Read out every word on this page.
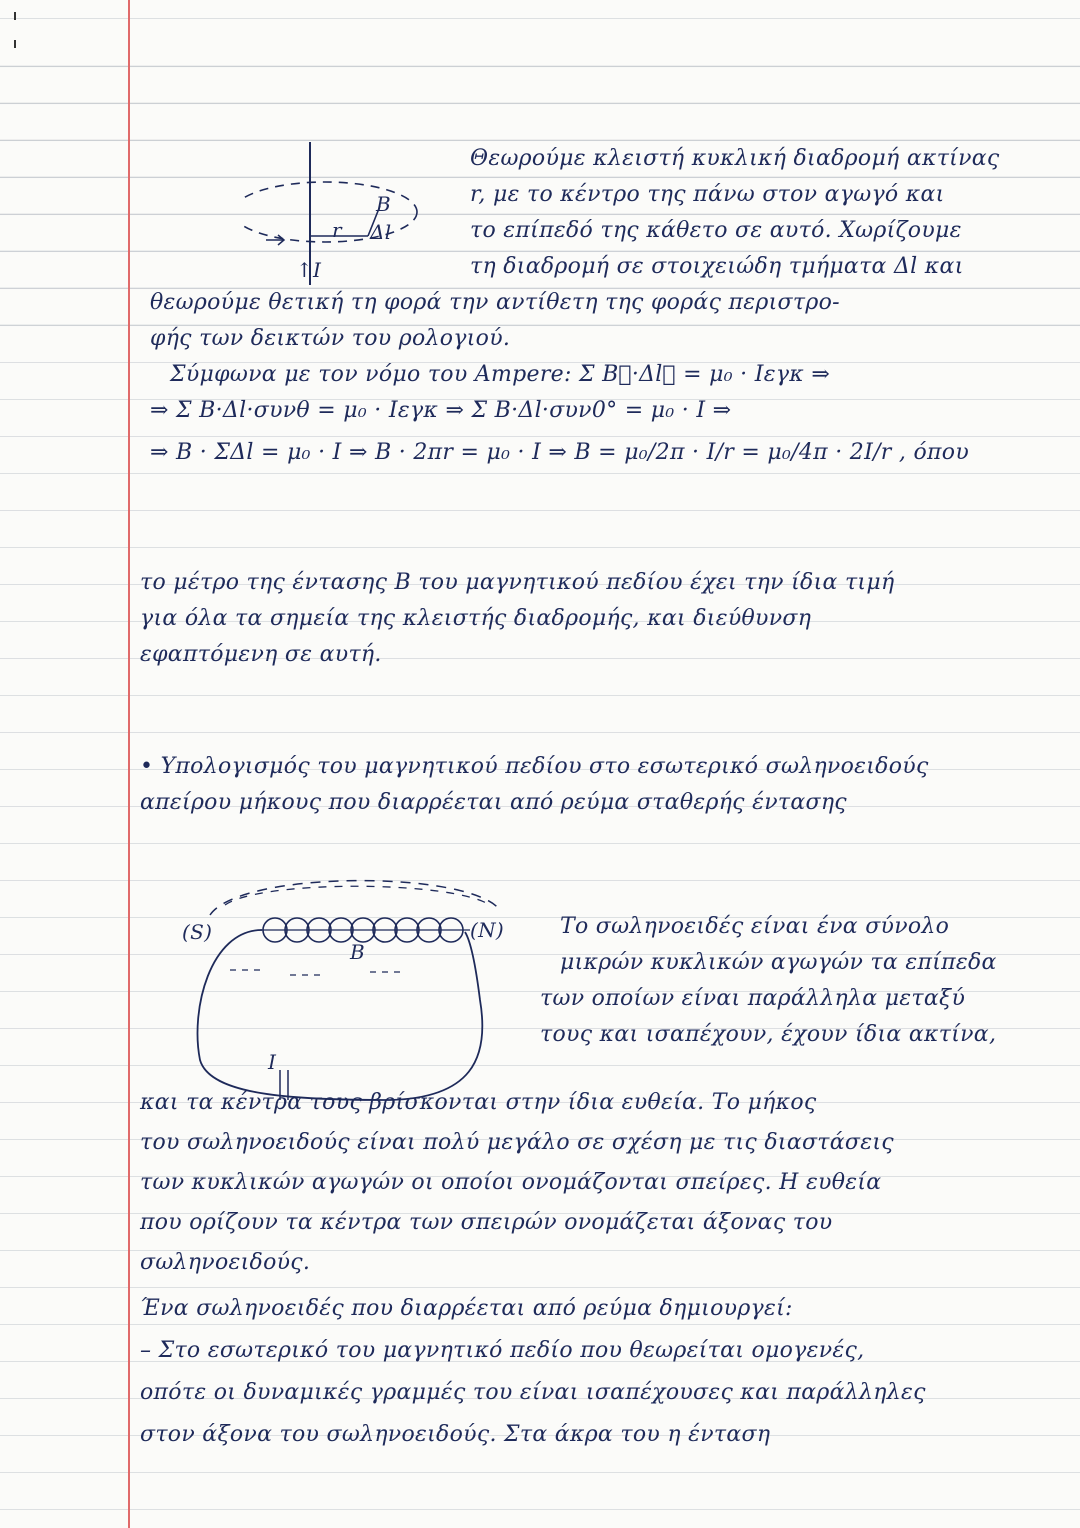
↑I
r
B
Δl
Θεωρούμε κλειστή κυκλική διαδρομή ακτίνας
r, με το κέντρο της πάνω στον αγωγό και
το επίπεδό της κάθετο σε αυτό. Χωρίζουμε
τη διαδρομή σε στοιχειώδη τμήματα Δl και
θεωρούμε θετική τη φορά την αντίθετη της φοράς περιστρο-
φής των δεικτών του ρολογιού.
Σύμφωνα με τον νόμο του Ampere: Σ B⃗·Δl⃗ = μ₀ · Iεγκ ⇒
⇒ Σ B·Δl·συνθ = μ₀ · Iεγκ ⇒ Σ B·Δl·συν0° = μ₀ · I ⇒
⇒ B · ΣΔl = μ₀ · I ⇒ B · 2πr = μ₀ · I ⇒ B = μ₀/2π · I/r = μ₀/4π · 2I/r , όπου
το μέτρο της έντασης B του μαγνητικού πεδίου έχει την ίδια τιμή
για όλα τα σημεία της κλειστής διαδρομής, και διεύθυνση
εφαπτόμενη σε αυτή.
• Υπολογισμός του μαγνητικού πεδίου στο εσωτερικό σωληνοειδούς
απείρου μήκους που διαρρέεται από ρεύμα σταθερής έντασης
(S)	(N)
B
I
Το σωληνοειδές είναι ένα σύνολο
μικρών κυκλικών αγωγών τα επίπεδα
των οποίων είναι παράλληλα μεταξύ
τους και ισαπέχουν, έχουν ίδια ακτίνα,
και τα κέντρα τους βρίσκονται στην ίδια ευθεία. Το μήκος
του σωληνοειδούς είναι πολύ μεγάλο σε σχέση με τις διαστάσεις
των κυκλικών αγωγών οι οποίοι ονομάζονται σπείρες. Η ευθεία
που ορίζουν τα κέντρα των σπειρών ονομάζεται άξονας του
σωληνοειδούς.
Ένα σωληνοειδές που διαρρέεται από ρεύμα δημιουργεί:
– Στο εσωτερικό του μαγνητικό πεδίο που θεωρείται ομογενές,
οπότε οι δυναμικές γραμμές του είναι ισαπέχουσες και παράλληλες
στον άξονα του σωληνοειδούς. Στα άκρα του η ένταση
